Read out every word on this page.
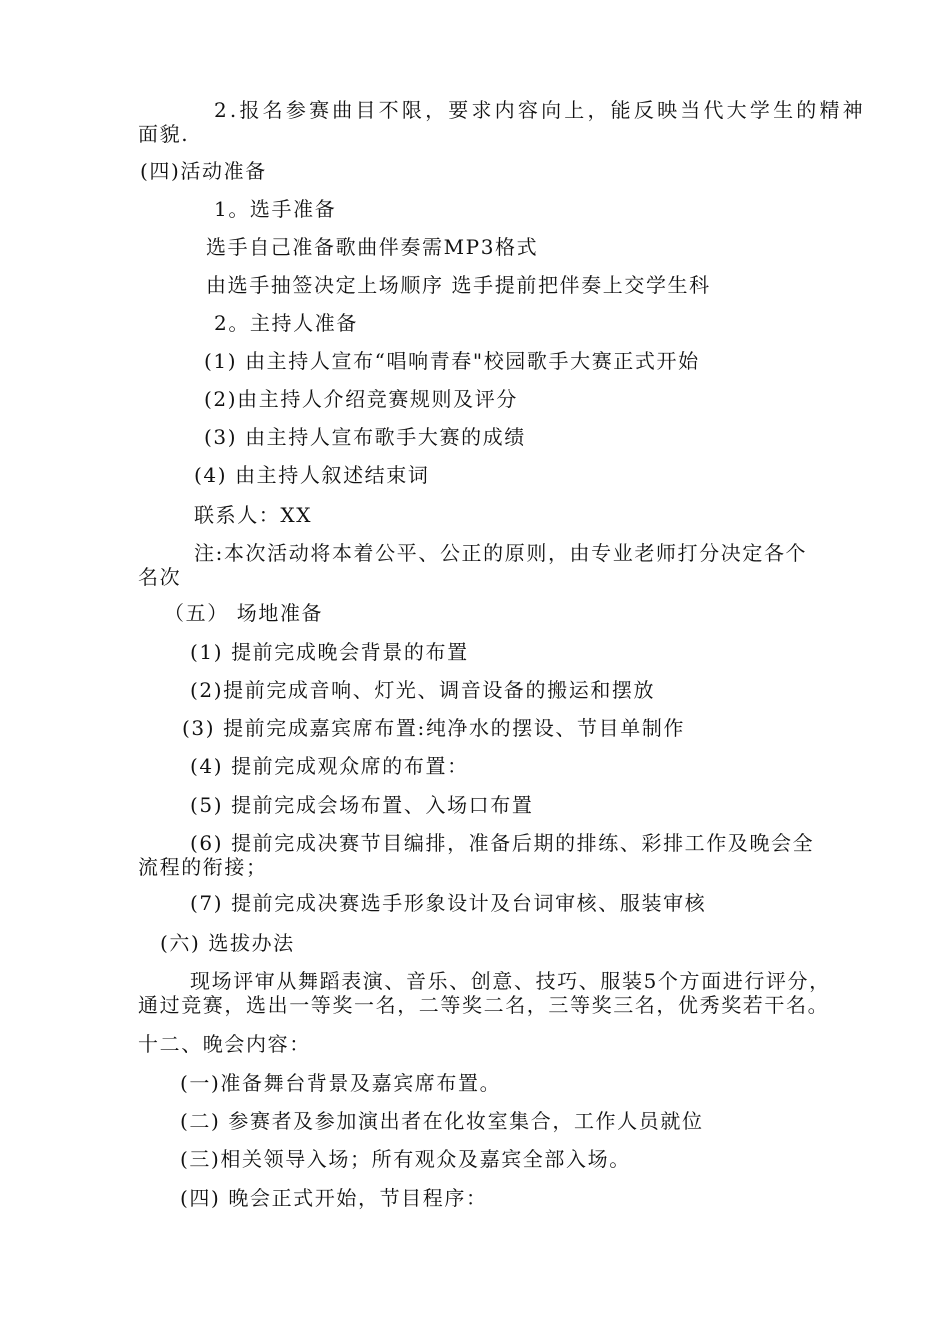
2.报名参赛曲目不限，要求内容向上，能反映当代大学生的精神
面貌.
(四)活动准备
1。选手准备
选手自己准备歌曲伴奏需MP3格式
由选手抽签决定上场顺序 选手提前把伴奏上交学生科
2。主持人准备
(1) 由主持人宣布“唱响青春"校园歌手大赛正式开始
(2)由主持人介绍竞赛规则及评分
(3) 由主持人宣布歌手大赛的成绩
(4) 由主持人叙述结束词
联系人：XX
注:本次活动将本着公平、公正的原则，由专业老师打分决定各个
名次
（五） 场地准备
(1) 提前完成晚会背景的布置
(2)提前完成音响、灯光、调音设备的搬运和摆放
(3) 提前完成嘉宾席布置:纯净水的摆设、节目单制作
(4) 提前完成观众席的布置：
(5) 提前完成会场布置、入场口布置
(6) 提前完成决赛节目编排，准备后期的排练、彩排工作及晚会全
流程的衔接；
(7) 提前完成决赛选手形象设计及台词审核、服装审核
(六) 选拔办法
现场评审从舞蹈表演、音乐、创意、技巧、服装5个方面进行评分，
通过竞赛，选出一等奖一名，二等奖二名，三等奖三名，优秀奖若干名。
十二、晚会内容：
(一)准备舞台背景及嘉宾席布置。
(二) 参赛者及参加演出者在化妆室集合，工作人员就位
(三)相关领导入场；所有观众及嘉宾全部入场。
(四) 晚会正式开始，节目程序：
